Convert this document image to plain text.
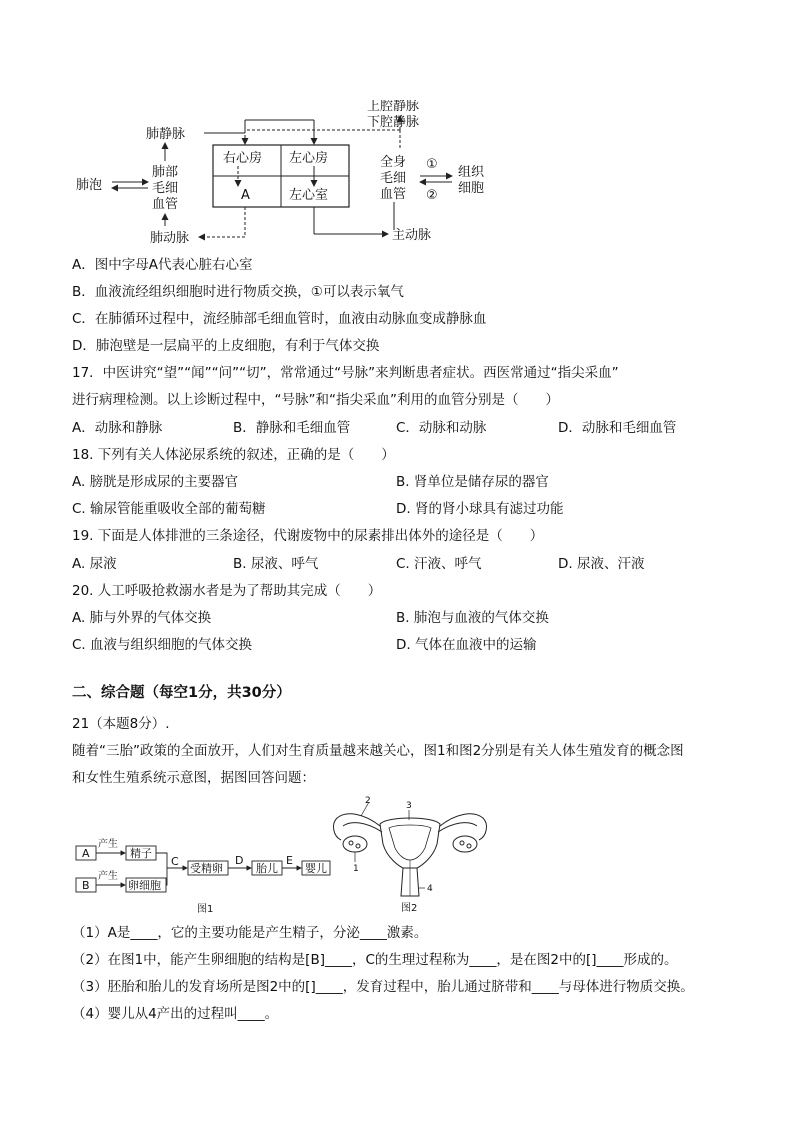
右心房 左心房
A	左心室
上腔静脉
下腔静脉
肺静脉
肺部
毛细
血管
肺泡
肺动脉	主动脉
全身
毛细
血管
①
②
组织
细胞
A．图中字母A代表心脏右心室
B．血液流经组织细胞时进行物质交换，①可以表示氧气
C．在肺循环过程中，流经肺部毛细血管时，血液由动脉血变成静脉血
D．肺泡壁是一层扁平的上皮细胞，有利于气体交换
17．中医讲究“望”“闻”“问”“切”，常常通过“号脉”来判断患者症状。西医常通过“指尖采血”
进行病理检测。以上诊断过程中，“号脉”和“指尖采血”利用的血管分别是（　　）
A．动脉和静脉	B．静脉和毛细血管	C．动脉和动脉	D．动脉和毛细血管
18. 下列有关人体泌尿系统的叙述，正确的是（　　）
A. 膀胱是形成尿的主要器官	B. 肾单位是储存尿的器官
C. 输尿管能重吸收全部的葡萄糖	D. 肾的肾小球具有滤过功能
19. 下面是人体排泄的三条途径，代谢废物中的尿素排出体外的途径是（　　）
A. 尿液	B. 尿液、呼气	C. 汗液、呼气	D. 尿液、汗液
20. 人工呼吸抢救溺水者是为了帮助其完成（　　）
A. 肺与外界的气体交换	B. 肺泡与血液的气体交换
C. 血液与组织细胞的气体交换	D. 气体在血液中的运输
二、综合题（每空1分，共30分）
21（本题8分）.
随着“三胎”政策的全面放开，人们对生育质量越来越关心，图1和图2分别是有关人体生殖发育的概念图
和女性生殖系统示意图，据图回答问题：
A
产生
精子
B
产生
卵细胞
C
受精卵
D
胎儿
E
婴儿
图1
2	3
1
4
图2
（1）A是____，它的主要功能是产生精子，分泌____激素。
（2）在图1中，能产生卵细胞的结构是[B]____，C的生理过程称为____，是在图2中的[]____形成的。
（3）胚胎和胎儿的发育场所是图2中的[]____，发育过程中，胎儿通过脐带和____与母体进行物质交换。
（4）婴儿从4产出的过程叫____。
